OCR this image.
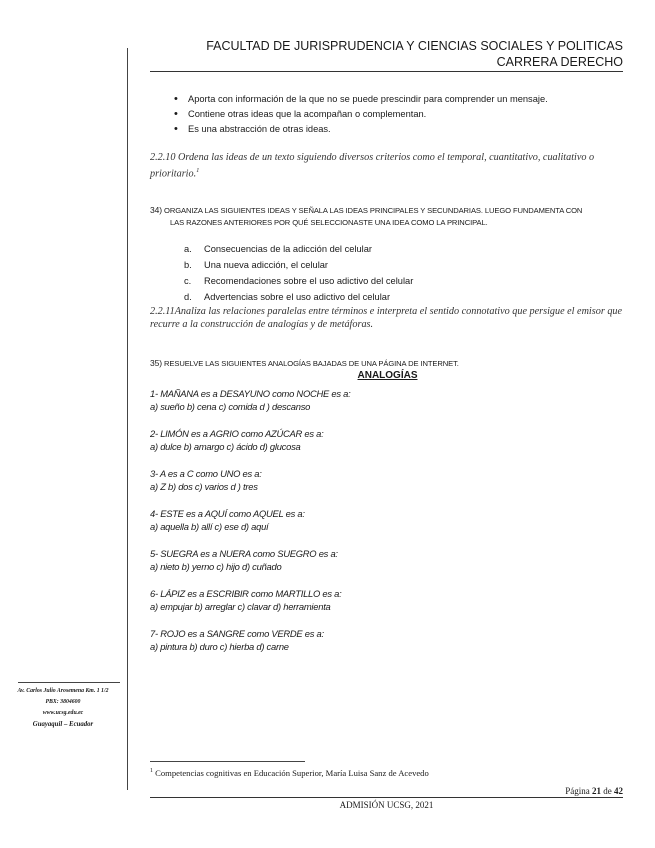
FACULTAD DE JURISPRUDENCIA Y CIENCIAS SOCIALES Y POLITICAS
CARRERA DERECHO
• Aporta con información de la que no se puede prescindir para comprender un mensaje.
• Contiene otras ideas que la acompañan o complementan.
• Es una abstracción de otras ideas.
2.2.10 Ordena las ideas de un texto siguiendo diversos criterios como el temporal, cuantitativo, cualitativo o prioritario.$^1$
34) ORGANIZA LAS SIGUIENTES IDEAS Y SEÑALA LAS IDEAS PRINCIPALES Y SECUNDARIAS. LUEGO FUNDAMENTA CON
LAS RAZONES ANTERIORES POR QUÉ SELECCIONASTE UNA IDEA COMO LA PRINCIPAL.
a. Consecuencias de la adicción del celular
b. Una nueva adicción, el celular
c. Recomendaciones sobre el uso adictivo del celular
d. Advertencias sobre el uso adictivo del celular
2.2.11Analiza las relaciones paralelas entre términos e interpreta el sentido connotativo que persigue el emisor que recurre a la construcción de analogías y de metáforas.
35) RESUELVE LAS SIGUIENTES ANALOGÍAS BAJADAS DE UNA PÁGINA DE INTERNET.
ANALOGÍAS
1- MAÑANA es a DESAYUNO como NOCHE es a:
a) sueño b) cena c) comida d ) descanso
2- LIMÓN es a AGRIO como AZÚCAR es a:
a) dulce b) amargo c) ácido d) glucosa
3- A es a C como UNO es a:
a) Z b) dos c) varios d ) tres
4- ESTE es a AQUÍ como AQUEL es a:
a) aquella b) allí c) ese d) aquí
5- SUEGRA es a NUERA como SUEGRO es a:
a) nieto b) yerno c) hijo d) cuñado
6- LÁPIZ es a ESCRIBIR como MARTILLO es a:
a) empujar b) arreglar c) clavar d) herramienta
7- ROJO es a SANGRE como VERDE es a:
a) pintura b) duro c) hierba d) carne
Av. Carlos Julio Arosemena Km. 1 1/2
PBX: 3804600
www.ucsg.edu.ec
Guayaquil – Ecuador
$^1$ Competencias cognitivas en Educación Superior, María Luisa Sanz de Acevedo
Página 21 de 42
ADMISIÓN UCSG, 2021
